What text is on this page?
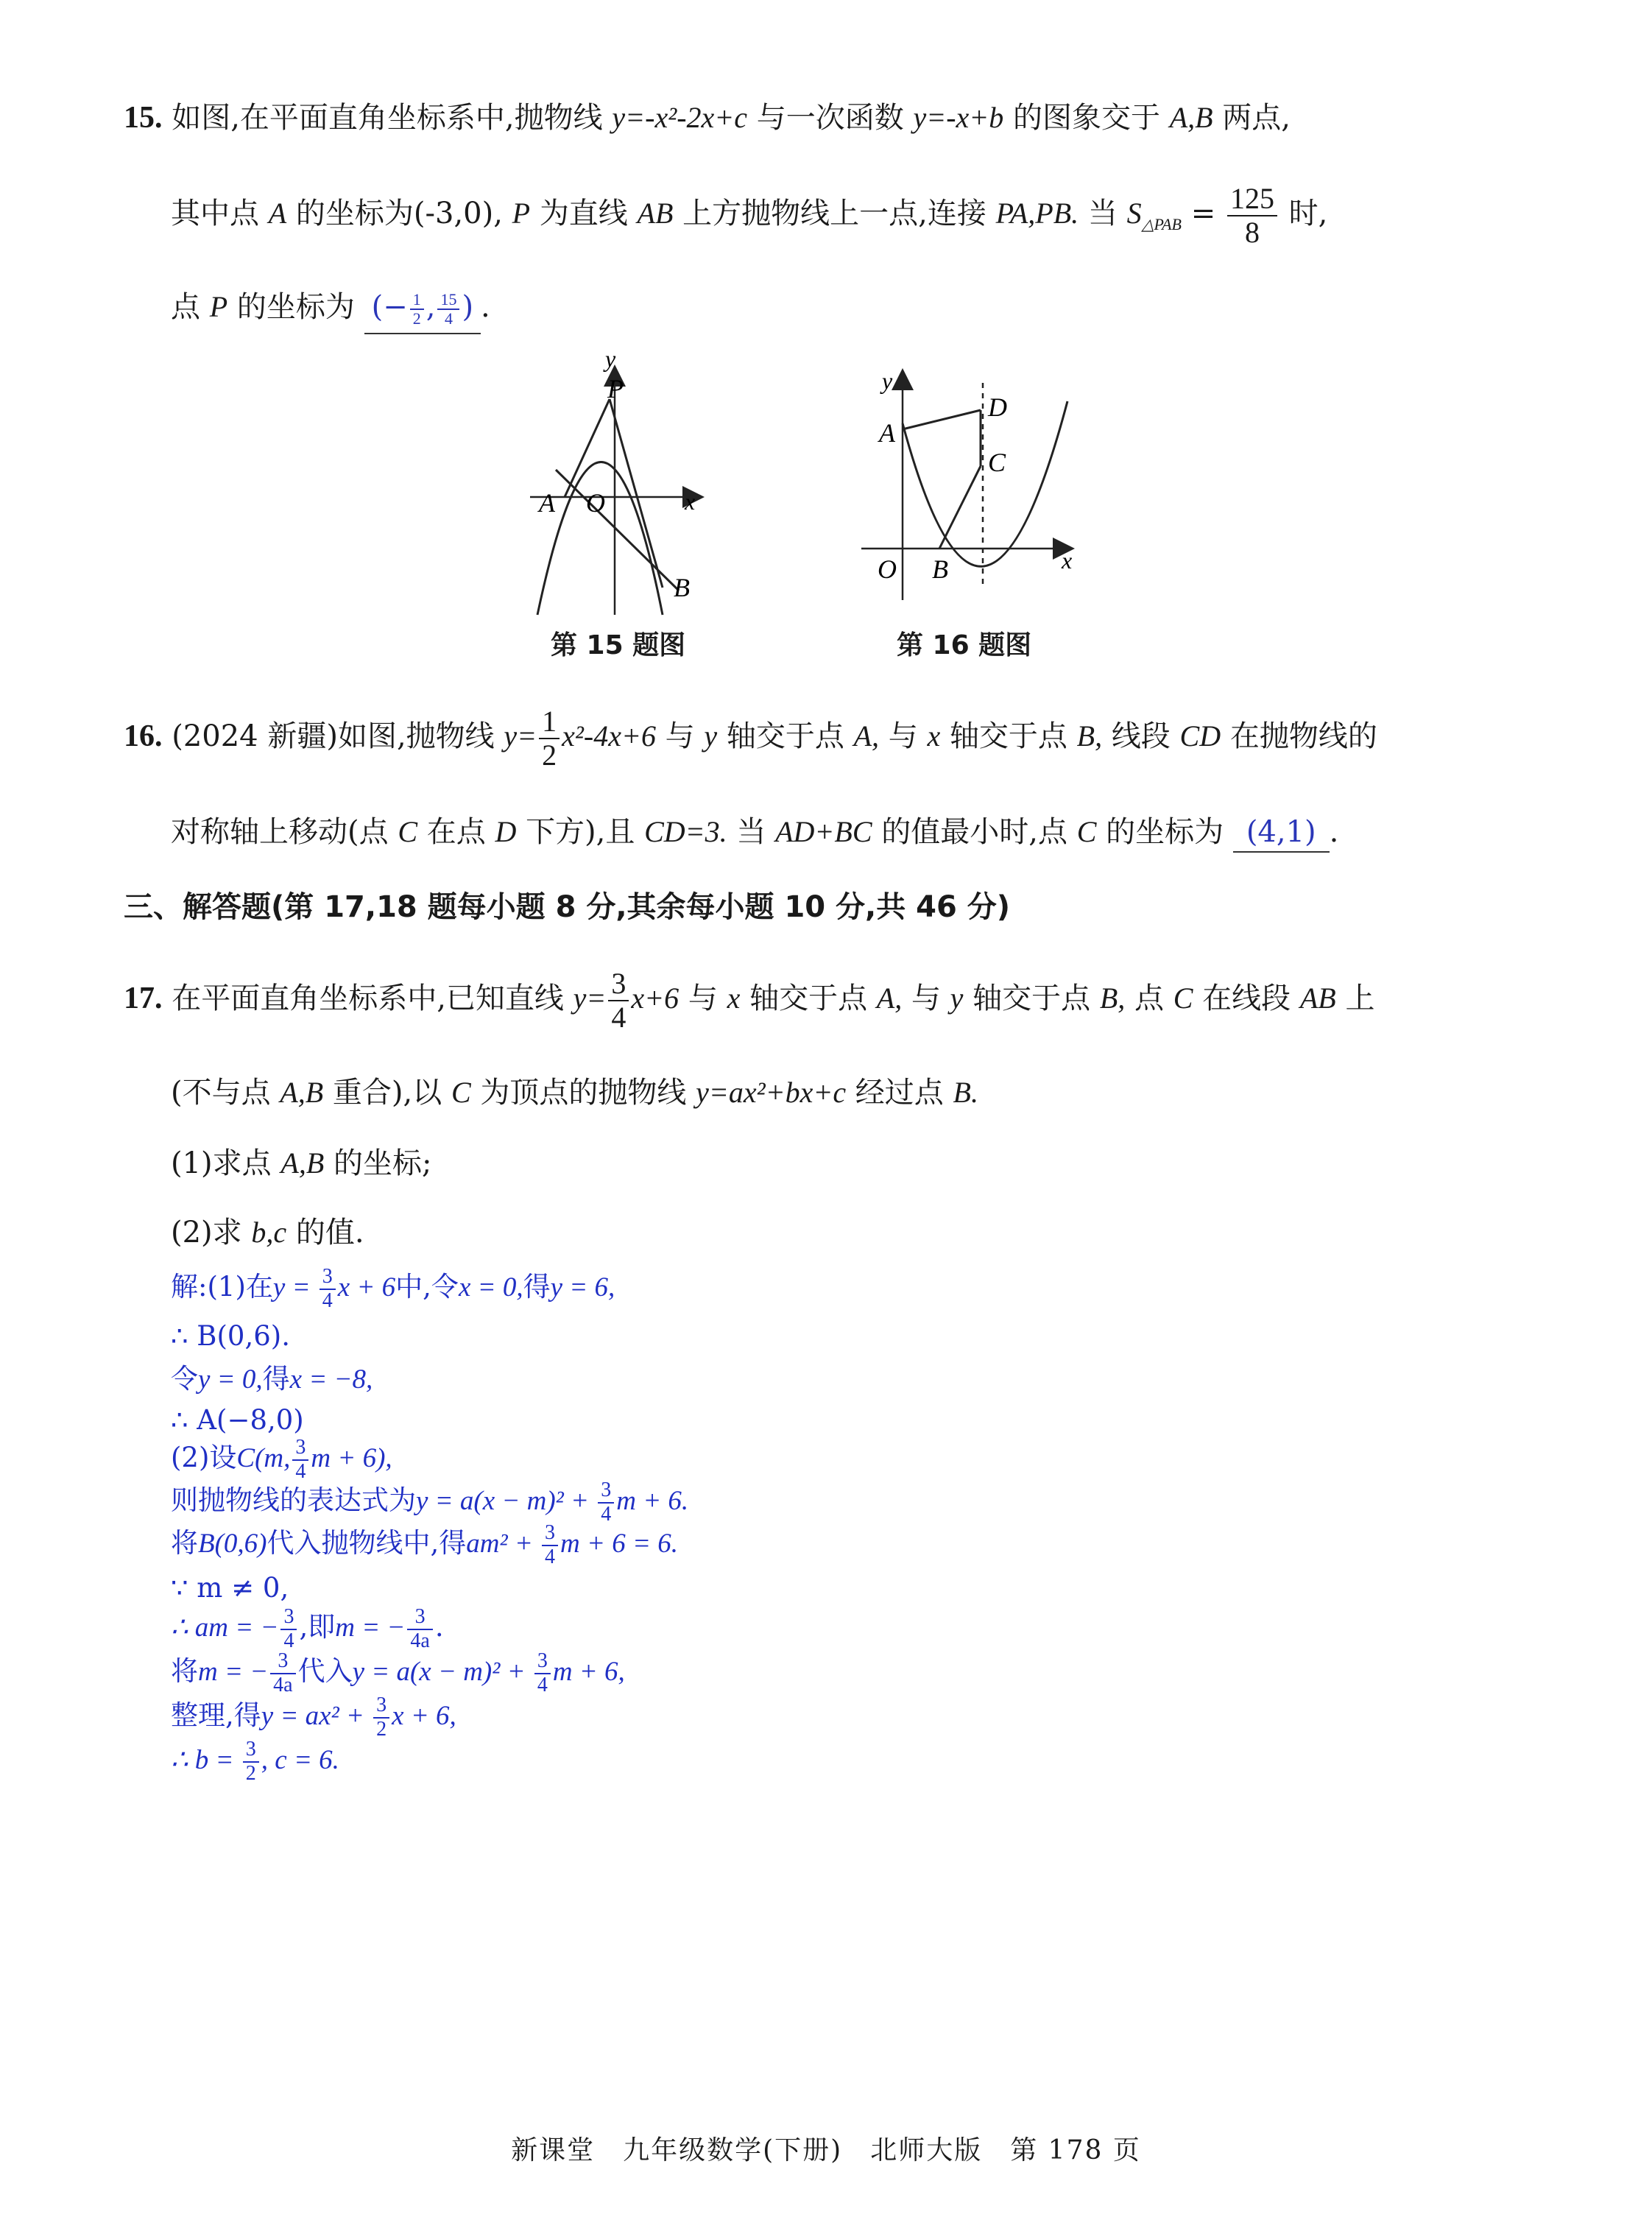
15. 如图,在平面直角坐标系中,抛物线 y=-x²-2x+c 与一次函数 y=-x+b 的图象交于 A,B 两点,
其中点 A 的坐标为(-3,0), P 为直线 AB 上方抛物线上一点,连接 PA,PB. 当 $S_{\triangle PAB} = \frac{125}{8}$ 时,
点 P 的坐标为 (− $\frac{1}{2}$ , $\frac{15}{4}$ ) .
y
P
A O	x
B
第 15 题图
y
A
D
C
O B	x
第 16 题图
16. (2024 新疆)如图,抛物线 $y= \frac{1}{2} x^2-4x+6$ 与 y 轴交于点 A, 与 x 轴交于点 B, 线段 CD 在抛物线的
对称轴上移动(点 C 在点 D 下方),且 CD=3. 当 AD+BC 的值最小时,点 C 的坐标为 (4,1) .
三、解答题(第 17,18 题每小题 8 分,其余每小题 10 分,共 46 分)
17. 在平面直角坐标系中,已知直线 $y= \frac{3}{4} x+6$ 与 x 轴交于点 A, 与 y 轴交于点 B, 点 C 在线段 AB 上
(不与点 A,B 重合),以 C 为顶点的抛物线 y=ax²+bx+c 经过点 B.
(1)求点 A,B 的坐标;
(2)求 b,c 的值.
解:(1)在$y = \frac{3}{4}$ x + 6中,令x = 0,得y = 6,
∴ B(0,6).
令y = 0,得x = −8,
∴ A(−8,0)
(2)设C(m, $\frac{3}{4}$ m + 6),
则抛物线的表达式为$y = a(x - m)^2 + \frac{3}{4}$ m + 6.
将B(0,6)代入抛物线中,得$am^2 + \frac{3}{4}$ m + 6 = 6.
∵ m ≠ 0,
∴ am = − $\frac{3}{4}$ ,即m = − $\frac{3}{4a}$ .
将m = − $\frac{3}{4a}$ 代入$y = a(x - m)^2 + \frac{3}{4}$ m + 6,
整理,得$y = ax^2 + \frac{3}{2}$ x + 6,
∴ $b = \frac{3}{2}$ , c = 6.
新课堂　九年级数学(下册)　北师大版　第 178 页
